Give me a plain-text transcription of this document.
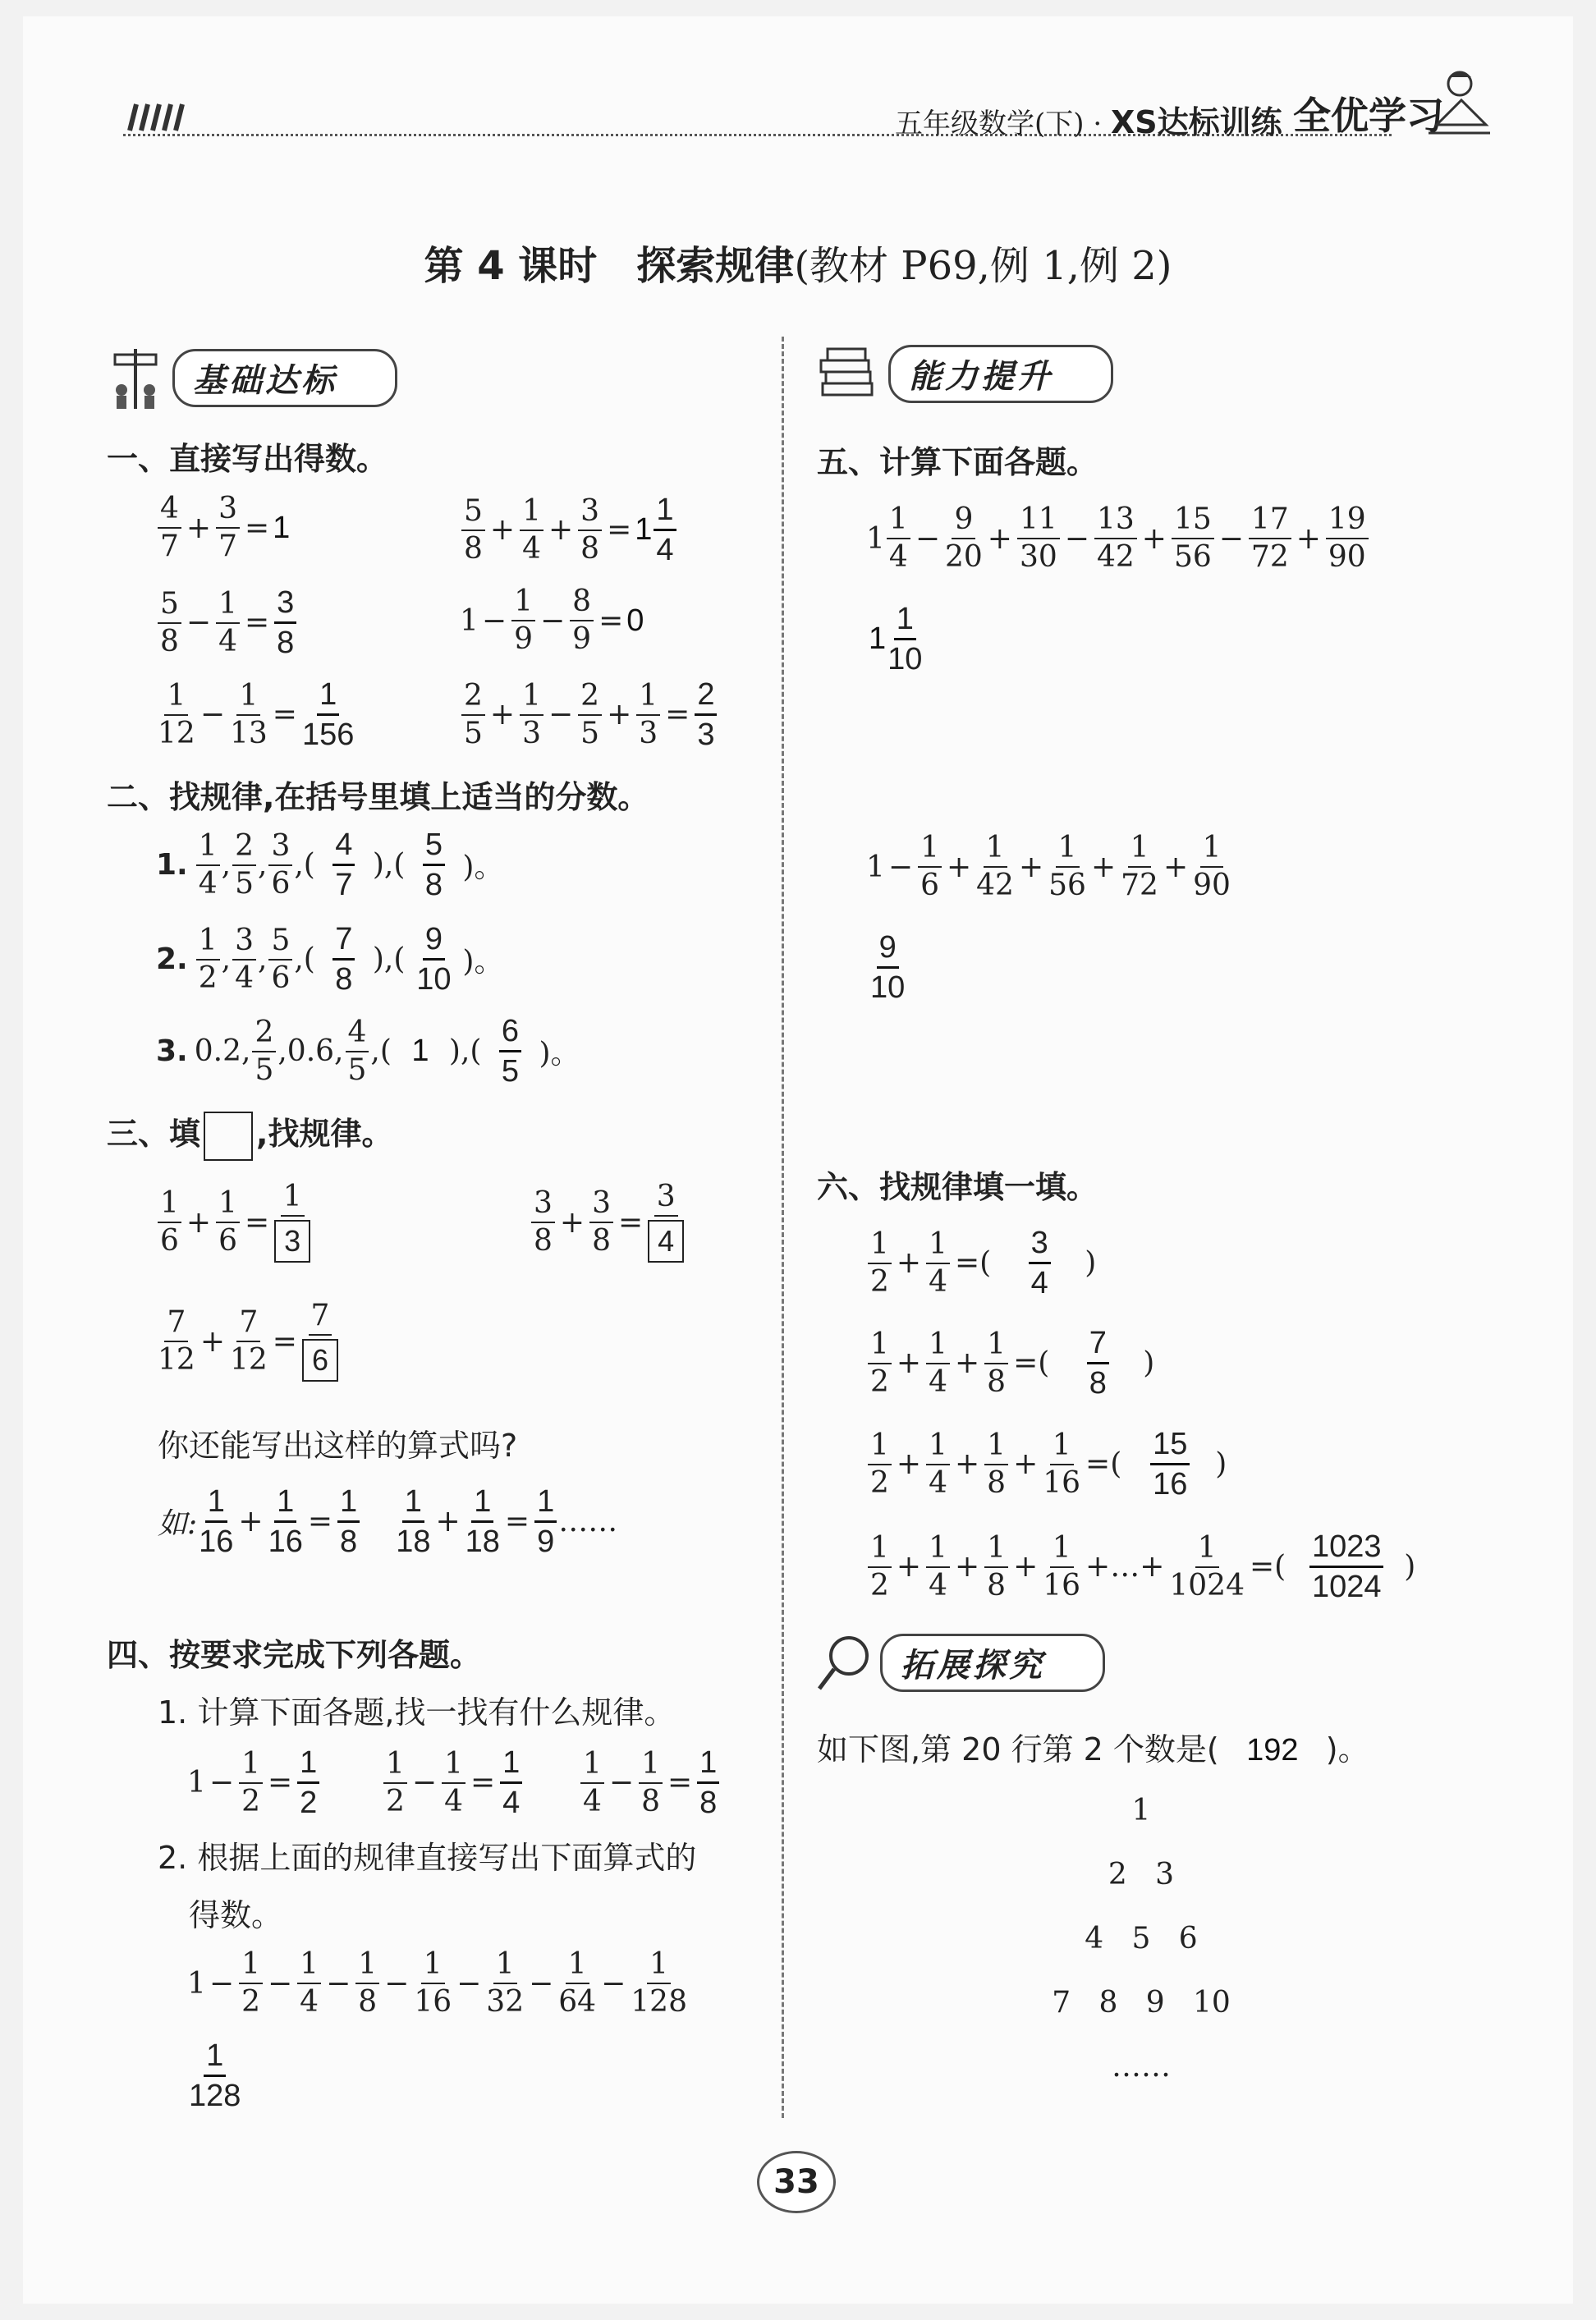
五年级数学(下) · XS达标训练 全优学习
第 4 课时　探索规律(教材 P69,例 1,例 2)
基础达标
一、直接写出得数。
$\frac{4}{7} + \frac{3}{7} = 1$	$\frac{5}{8} + \frac{1}{4} + \frac{3}{8} = 1 \frac{1}{4}$
$\frac{5}{8} - \frac{1}{4} = \frac{3}{8}$	$1 - \frac{1}{9} - \frac{8}{9} = 0$
$\frac{1}{12} - \frac{1}{13} = \frac{1}{156}$	$\frac{2}{5} + \frac{1}{3} - \frac{2}{5} + \frac{1}{3} = \frac{2}{3}$
二、找规律,在括号里填上适当的分数。
1. $\frac{1}{4}$ , $\frac{2}{5}$ , $\frac{3}{6}$ ,( $\frac{4}{7}$ ),( $\frac{5}{8}$ )。
2. $\frac{1}{2}$ , $\frac{3}{4}$ , $\frac{5}{6}$ ,( $\frac{7}{8}$ ),( $\frac{9}{10}$ )。
3. 0.2, $\frac{2}{5}$ , 0.6, $\frac{4}{5}$ ,( 1 ),( $\frac{6}{5}$ )。
三、填 ,找规律。
$\frac{1}{6} + \frac{1}{6} = \frac{1}{3}$	$\frac{3}{8} + \frac{3}{8} = \frac{3}{4}$
$\frac{7}{12} + \frac{7}{12} = \frac{7}{6}$
你还能写出这样的算式吗?
如: $\frac{1}{16} + \frac{1}{16} = \frac{1}{8} \frac{1}{18} + \frac{1}{18} = \frac{1}{9}$ ……
四、按要求完成下列各题。
1. 计算下面各题,找一找有什么规律。
$1 - \frac{1}{2} = \frac{1}{2} \frac{1}{2} - \frac{1}{4} = \frac{1}{4} \frac{1}{4} - \frac{1}{8} = \frac{1}{8}$
2. 根据上面的规律直接写出下面算式的
得数。
$1 - \frac{1}{2} - \frac{1}{4} - \frac{1}{8} - \frac{1}{16} - \frac{1}{32} - \frac{1}{64} - \frac{1}{128}$
$\frac{1}{128}$
能力提升
五、计算下面各题。
$1 \frac{1}{4} - \frac{9}{20} + \frac{11}{30} - \frac{13}{42} + \frac{15}{56} - \frac{17}{72} + \frac{19}{90}$
$1 \frac{1}{10}$
$1 - \frac{1}{6} + \frac{1}{42} + \frac{1}{56} + \frac{1}{72} + \frac{1}{90}$
$\frac{9}{10}$
六、找规律填一填。
$\frac{1}{2} + \frac{1}{4}$ =( $\frac{3}{4}$ )
$\frac{1}{2} + \frac{1}{4} + \frac{1}{8}$ =( $\frac{7}{8}$ )
$\frac{1}{2} + \frac{1}{4} + \frac{1}{8} + \frac{1}{16}$ =( $\frac{15}{16}$ )
$\frac{1}{2} + \frac{1}{4} + \frac{1}{8} + \frac{1}{16}$ +…+ $\frac{1}{1024}$ =( $\frac{1023}{1024}$ )
拓展探究
如下图,第 20 行第 2 个数是( 192 )。
1
2 3
4 5 6
7 8 9 10
……
33
